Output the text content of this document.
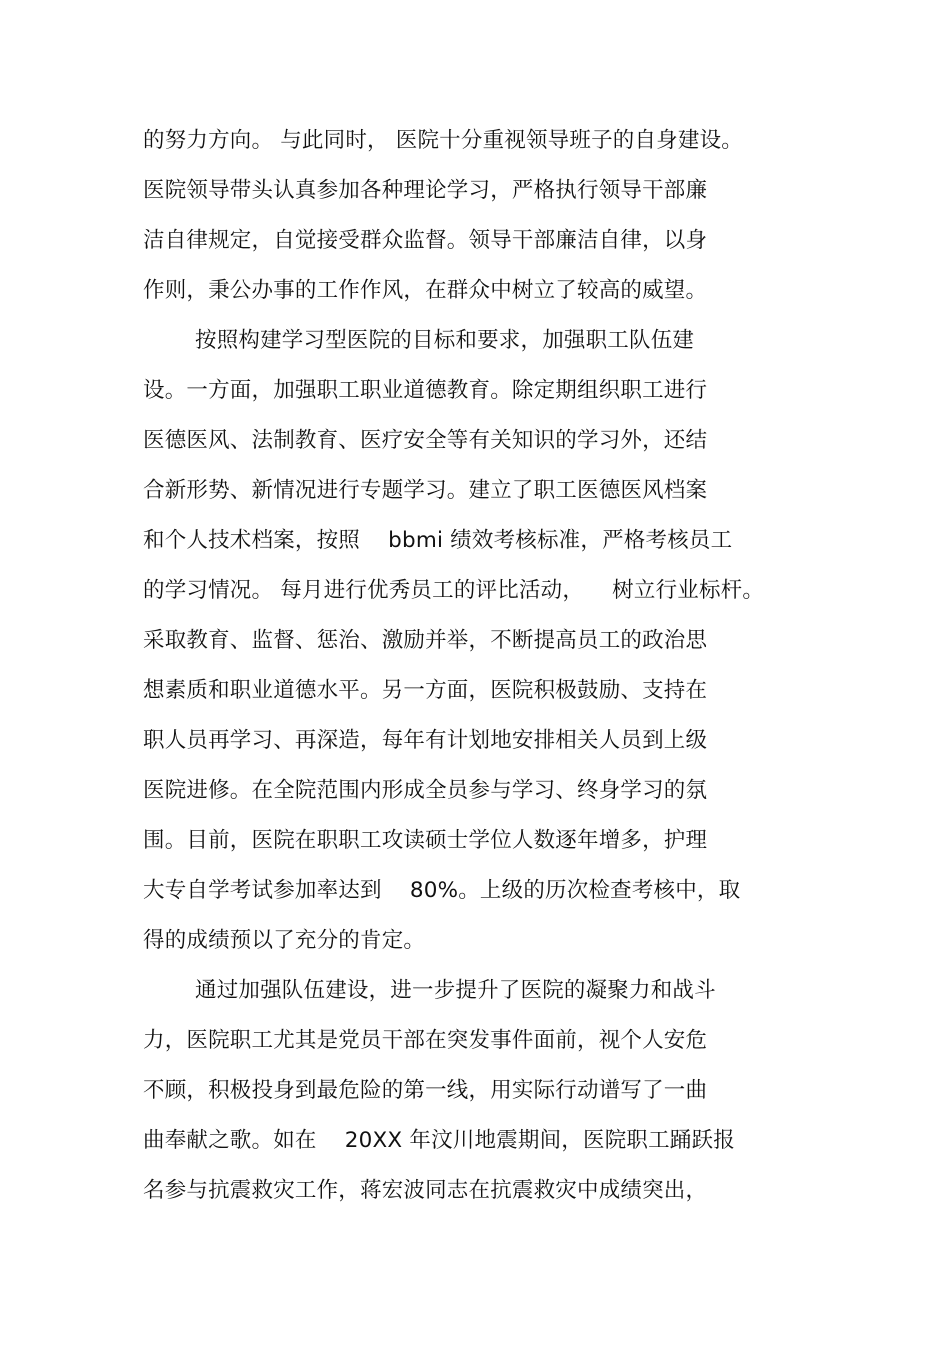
的努力方向。 与此同时， 医院十分重视领导班子的自身建设。
医院领导带头认真参加各种理论学习，严格执行领导干部廉
洁自律规定，自觉接受群众监督。领导干部廉洁自律，以身
作则，秉公办事的工作作风，在群众中树立了较高的威望。
按照构建学习型医院的目标和要求，加强职工队伍建
设。一方面，加强职工职业道德教育。除定期组织职工进行
医德医风、法制教育、医疗安全等有关知识的学习外，还结
合新形势、新情况进行专题学习。建立了职工医德医风档案
和个人技术档案，按照    bbmi 绩效考核标准，严格考核员工
的学习情况。 每月进行优秀员工的评比活动，    树立行业标杆。
采取教育、监督、惩治、激励并举，不断提高员工的政治思
想素质和职业道德水平。另一方面，医院积极鼓励、支持在
职人员再学习、再深造，每年有计划地安排相关人员到上级
医院进修。在全院范围内形成全员参与学习、终身学习的氛
围。目前，医院在职职工攻读硕士学位人数逐年增多，护理
大专自学考试参加率达到    80%。上级的历次检查考核中，取
得的成绩预以了充分的肯定。
通过加强队伍建设，进一步提升了医院的凝聚力和战斗
力，医院职工尤其是党员干部在突发事件面前，视个人安危
不顾，积极投身到最危险的第一线，用实际行动谱写了一曲
曲奉献之歌。如在    20XX 年汶川地震期间，医院职工踊跃报
名参与抗震救灾工作，蒋宏波同志在抗震救灾中成绩突出，
